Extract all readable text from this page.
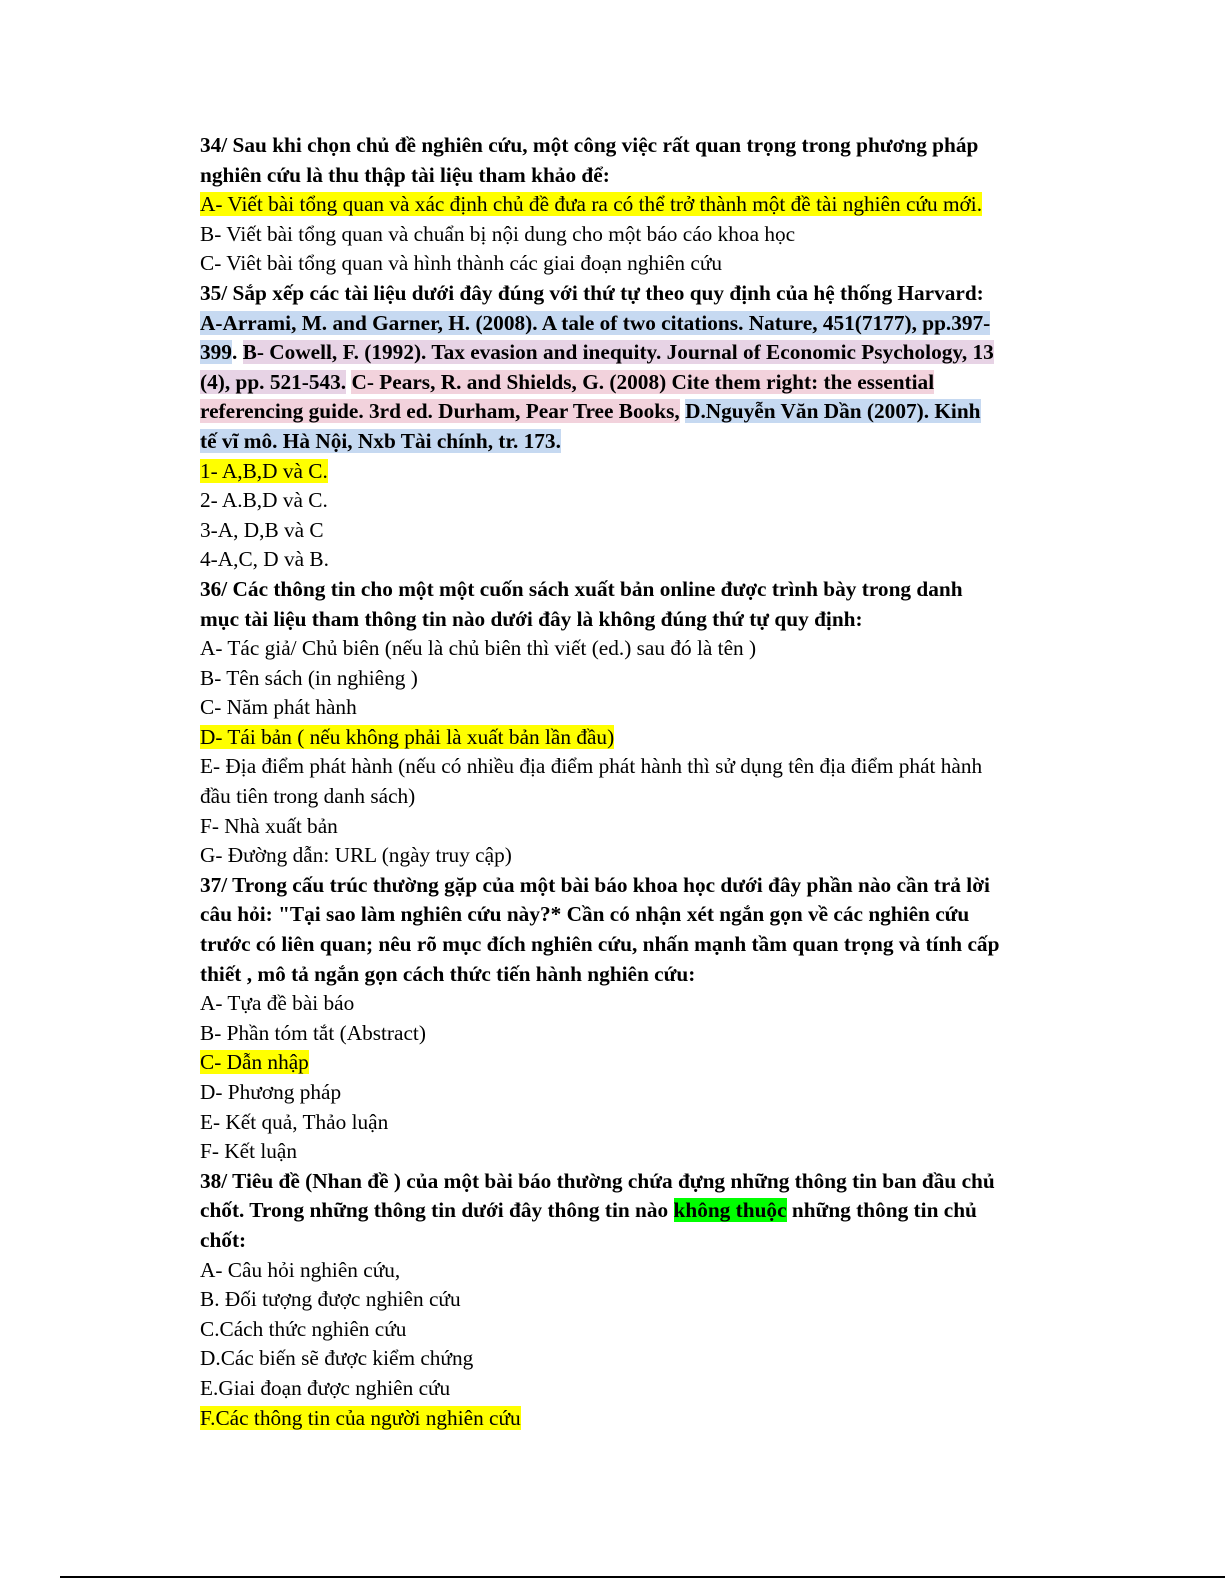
34/ Sau khi chọn chủ đề nghiên cứu, một công việc rất quan trọng trong phương pháp
nghiên cứu là thu thập tài liệu tham khảo để:
A- Viết bài tổng quan và xác định chủ đề đưa ra có thể trở thành một đề tài nghiên cứu mới.
B- Viết bài tổng quan và chuẩn bị nội dung cho một báo cáo khoa học
C- Viêt bài tổng quan và hình thành các giai đoạn nghiên cứu
35/ Sắp xếp các tài liệu dưới đây đúng với thứ tự theo quy định của hệ thống Harvard:
A-Arrami, M. and Garner, H. (2008). A tale of two citations. Nature, 451(7177), pp.397-
399. B- Cowell, F. (1992). Tax evasion and inequity. Journal of Economic Psychology, 13
(4), pp. 521-543. C- Pears, R. and Shields, G. (2008) Cite them right: the essential
referencing guide. 3rd ed. Durham, Pear Tree Books, D.Nguyễn Văn Dần (2007). Kinh
tế vĩ mô. Hà Nội, Nxb Tài chính, tr. 173.
1- A,B,D và C.
2- A.B,D và C.
3-A, D,B và C
4-A,C, D và B.
36/ Các thông tin cho một một cuốn sách xuất bản online được trình bày trong danh
mục tài liệu tham thông tin nào dưới đây là không đúng thứ tự quy định:
A- Tác giả/ Chủ biên (nếu là chủ biên thì viết (ed.) sau đó là tên )
B- Tên sách (in nghiêng )
C- Năm phát hành
D- Tái bản ( nếu không phải là xuất bản lần đầu)
E- Địa điểm phát hành (nếu có nhiều địa điểm phát hành thì sử dụng tên địa điểm phát hành
đầu tiên trong danh sách)
F- Nhà xuất bản
G- Đường dẫn: URL (ngày truy cập)
37/ Trong cấu trúc thường gặp của một bài báo khoa học dưới đây phần nào cần trả lời
câu hỏi: "Tại sao làm nghiên cứu này?* Cần có nhận xét ngắn gọn về các nghiên cứu
trước có liên quan; nêu rõ mục đích nghiên cứu, nhấn mạnh tầm quan trọng và tính cấp
thiết , mô tả ngắn gọn cách thức tiến hành nghiên cứu:
A- Tựa đề bài báo
B- Phần tóm tắt (Abstract)
C- Dẫn nhập
D- Phương pháp
E- Kết quả, Thảo luận
F- Kết luận
38/ Tiêu đề (Nhan đề ) của một bài báo thường chứa đựng những thông tin ban đầu chủ
chốt. Trong những thông tin dưới đây thông tin nào không thuộc những thông tin chủ
chốt:
A- Câu hỏi nghiên cứu,
B. Đối tượng được nghiên cứu
C.Cách thức nghiên cứu
D.Các biến sẽ được kiểm chứng
E.Giai đoạn được nghiên cứu
F.Các thông tin của người nghiên cứu
